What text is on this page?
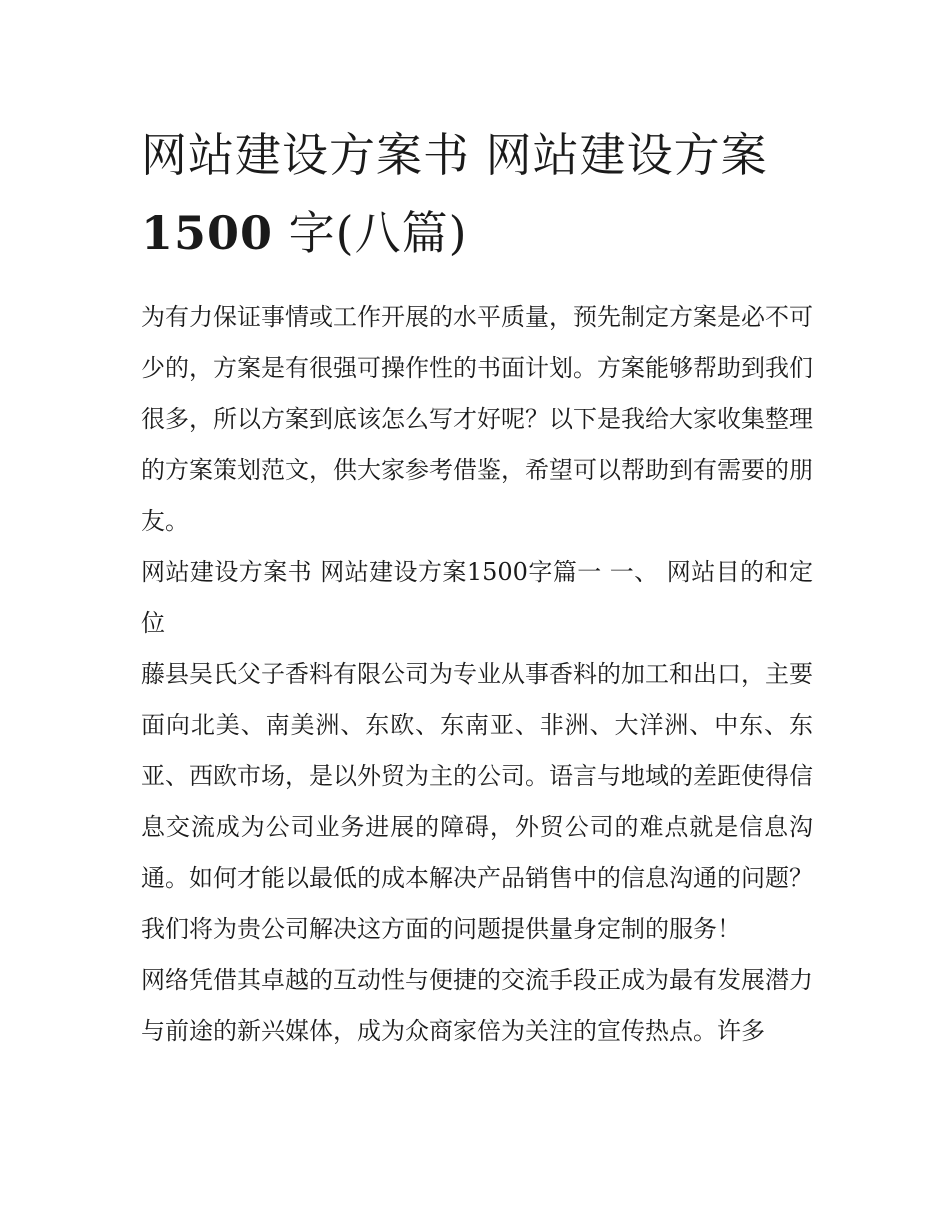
网站建设方案书 网站建设方案
1500 字(八篇)

为有力保证事情或工作开展的水平质量，预先制定方案是必不可少的，方案是有很强可操作性的书面计划。方案能够帮助到我们很多，所以方案到底该怎么写才好呢？以下是我给大家收集整理的方案策划范文，供大家参考借鉴，希望可以帮助到有需要的朋友。

网站建设方案书 网站建设方案1500字篇一 一、 网站目的和定位

藤县吴氏父子香料有限公司为专业从事香料的加工和出口，主要面向北美、南美洲、东欧、东南亚、非洲、大洋洲、中东、东亚、西欧市场，是以外贸为主的公司。语言与地域的差距使得信息交流成为公司业务进展的障碍，外贸公司的难点就是信息沟通。如何才能以最低的成本解决产品销售中的信息沟通的问题？我们将为贵公司解决这方面的问题提供量身定制的服务！

网络凭借其卓越的互动性与便捷的交流手段正成为最有发展潜力与前途的新兴媒体，成为众商家倍为关注的宣传热点。许多
